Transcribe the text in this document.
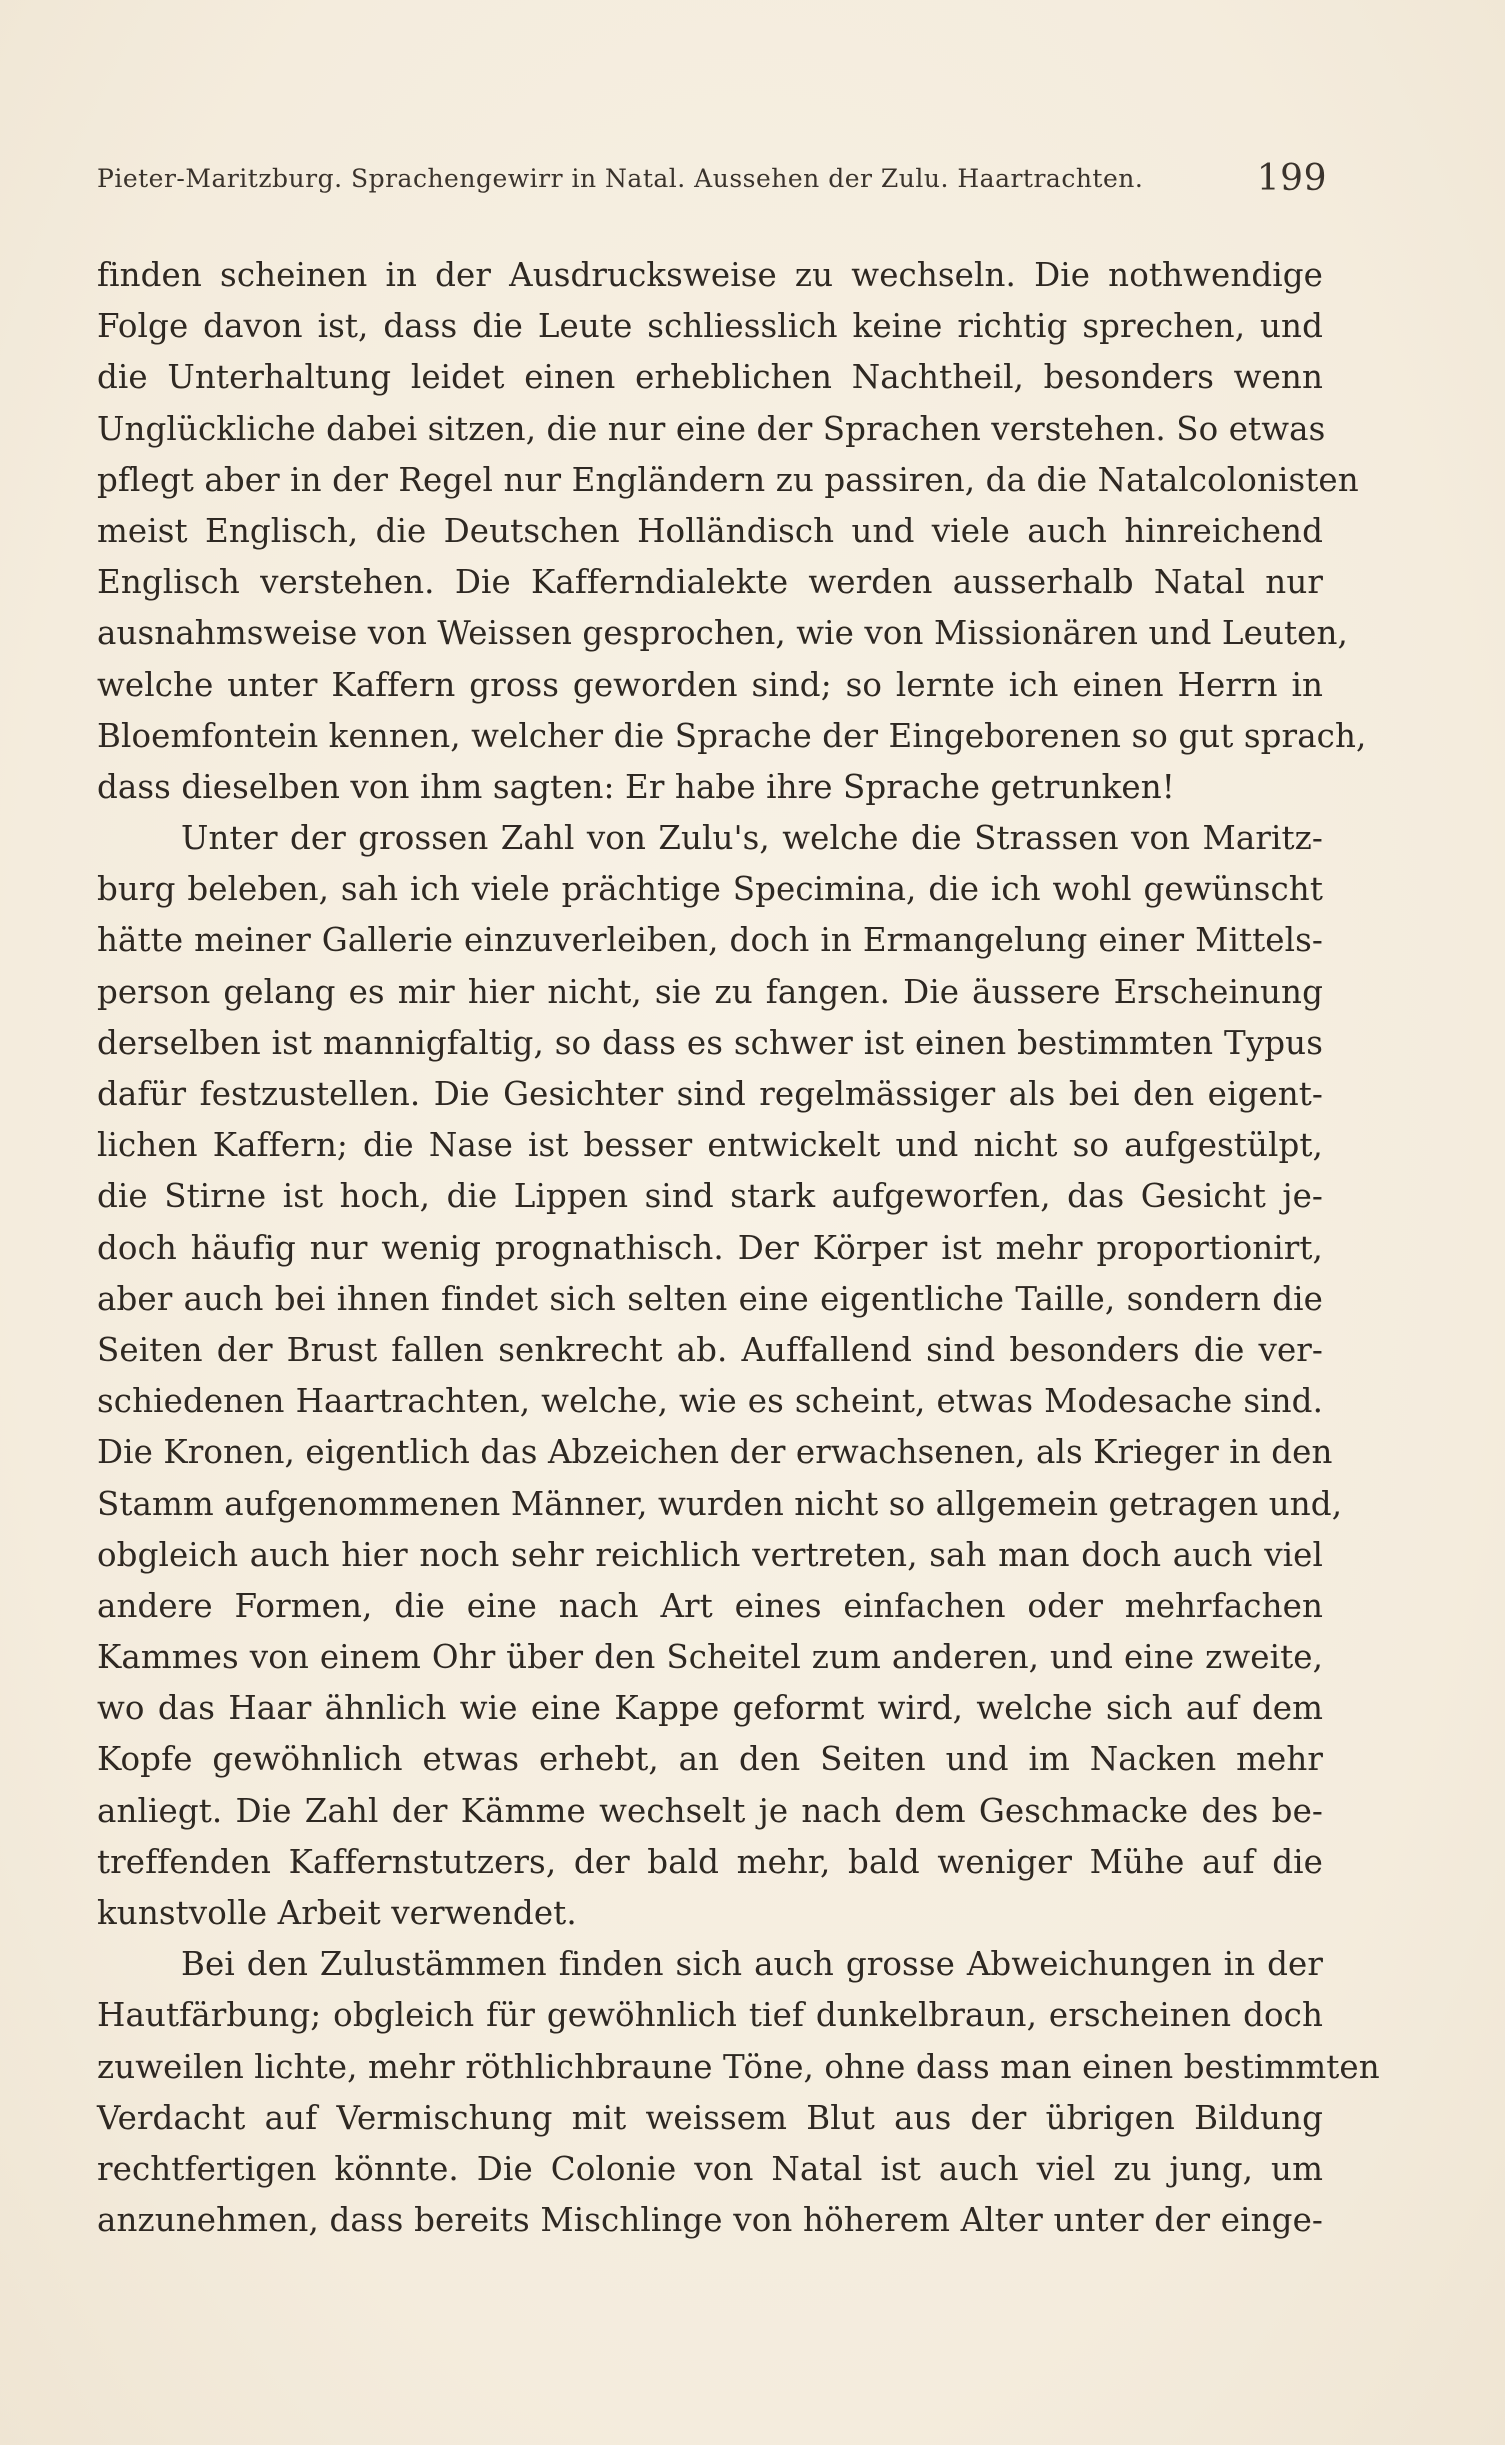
Pieter-Maritzburg. Sprachengewirr in Natal. Aussehen der Zulu. Haartrachten.	199
finden scheinen in der Ausdrucksweise zu wechseln. Die nothwendige
Folge davon ist, dass die Leute schliesslich keine richtig sprechen, und
die Unterhaltung leidet einen erheblichen Nachtheil, besonders wenn
Unglückliche dabei sitzen, die nur eine der Sprachen verstehen. So etwas
pflegt aber in der Regel nur Engländern zu passiren, da die Natalcolonisten
meist Englisch, die Deutschen Holländisch und viele auch hinreichend
Englisch verstehen. Die Kafferndialekte werden ausserhalb Natal nur
ausnahmsweise von Weissen gesprochen, wie von Missionären und Leuten,
welche unter Kaffern gross geworden sind; so lernte ich einen Herrn in
Bloemfontein kennen, welcher die Sprache der Eingeborenen so gut sprach,
dass dieselben von ihm sagten: Er habe ihre Sprache getrunken!
Unter der grossen Zahl von Zulu's, welche die Strassen von Maritz-
burg beleben, sah ich viele prächtige Specimina, die ich wohl gewünscht
hätte meiner Gallerie einzuverleiben, doch in Ermangelung einer Mittels-
person gelang es mir hier nicht, sie zu fangen. Die äussere Erscheinung
derselben ist mannigfaltig, so dass es schwer ist einen bestimmten Typus
dafür festzustellen. Die Gesichter sind regelmässiger als bei den eigent-
lichen Kaffern; die Nase ist besser entwickelt und nicht so aufgestülpt,
die Stirne ist hoch, die Lippen sind stark aufgeworfen, das Gesicht je-
doch häufig nur wenig prognathisch. Der Körper ist mehr proportionirt,
aber auch bei ihnen findet sich selten eine eigentliche Taille, sondern die
Seiten der Brust fallen senkrecht ab. Auffallend sind besonders die ver-
schiedenen Haartrachten, welche, wie es scheint, etwas Modesache sind.
Die Kronen, eigentlich das Abzeichen der erwachsenen, als Krieger in den
Stamm aufgenommenen Männer, wurden nicht so allgemein getragen und,
obgleich auch hier noch sehr reichlich vertreten, sah man doch auch viel
andere Formen, die eine nach Art eines einfachen oder mehrfachen
Kammes von einem Ohr über den Scheitel zum anderen, und eine zweite,
wo das Haar ähnlich wie eine Kappe geformt wird, welche sich auf dem
Kopfe gewöhnlich etwas erhebt, an den Seiten und im Nacken mehr
anliegt. Die Zahl der Kämme wechselt je nach dem Geschmacke des be-
treffenden Kaffernstutzers, der bald mehr, bald weniger Mühe auf die
kunstvolle Arbeit verwendet.
Bei den Zulustämmen finden sich auch grosse Abweichungen in der
Hautfärbung; obgleich für gewöhnlich tief dunkelbraun, erscheinen doch
zuweilen lichte, mehr röthlichbraune Töne, ohne dass man einen bestimmten
Verdacht auf Vermischung mit weissem Blut aus der übrigen Bildung
rechtfertigen könnte. Die Colonie von Natal ist auch viel zu jung, um
anzunehmen, dass bereits Mischlinge von höherem Alter unter der einge-
